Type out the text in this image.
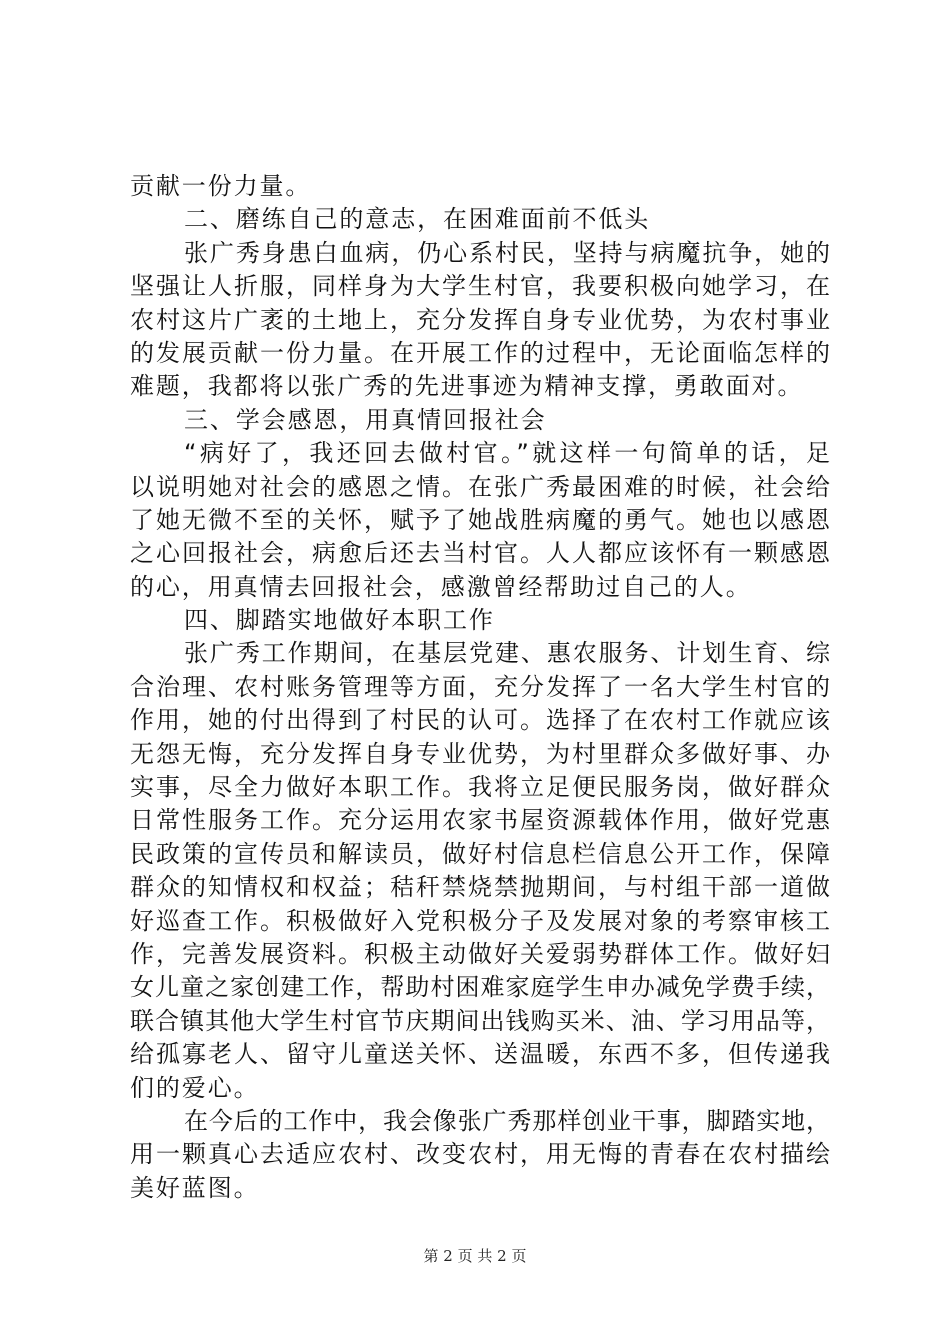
贡献一份力量。
二、磨练自己的意志，在困难面前不低头
张广秀身患白血病，仍心系村民，坚持与病魔抗争，她的
坚强让人折服，同样身为大学生村官，我要积极向她学习，在
农村这片广袤的土地上，充分发挥自身专业优势，为农村事业
的发展贡献一份力量。在开展工作的过程中，无论面临怎样的
难题，我都将以张广秀的先进事迹为精神支撑，勇敢面对。
三、学会感恩，用真情回报社会
“病好了，我还回去做村官。”就这样一句简单的话，足
以说明她对社会的感恩之情。在张广秀最困难的时候，社会给
了她无微不至的关怀，赋予了她战胜病魔的勇气。她也以感恩
之心回报社会，病愈后还去当村官。人人都应该怀有一颗感恩
的心，用真情去回报社会，感激曾经帮助过自己的人。
四、脚踏实地做好本职工作
张广秀工作期间，在基层党建、惠农服务、计划生育、综
合治理、农村账务管理等方面，充分发挥了一名大学生村官的
作用，她的付出得到了村民的认可。选择了在农村工作就应该
无怨无悔，充分发挥自身专业优势，为村里群众多做好事、办
实事，尽全力做好本职工作。我将立足便民服务岗，做好群众
日常性服务工作。充分运用农家书屋资源载体作用，做好党惠
民政策的宣传员和解读员，做好村信息栏信息公开工作，保障
群众的知情权和权益；秸秆禁烧禁抛期间，与村组干部一道做
好巡查工作。积极做好入党积极分子及发展对象的考察审核工
作，完善发展资料。积极主动做好关爱弱势群体工作。做好妇
女儿童之家创建工作，帮助村困难家庭学生申办减免学费手续，
联合镇其他大学生村官节庆期间出钱购买米、油、学习用品等，
给孤寡老人、留守儿童送关怀、送温暖，东西不多，但传递我
们的爱心。
在今后的工作中，我会像张广秀那样创业干事，脚踏实地，
用一颗真心去适应农村、改变农村，用无悔的青春在农村描绘
美好蓝图。
第 2 页 共 2 页
